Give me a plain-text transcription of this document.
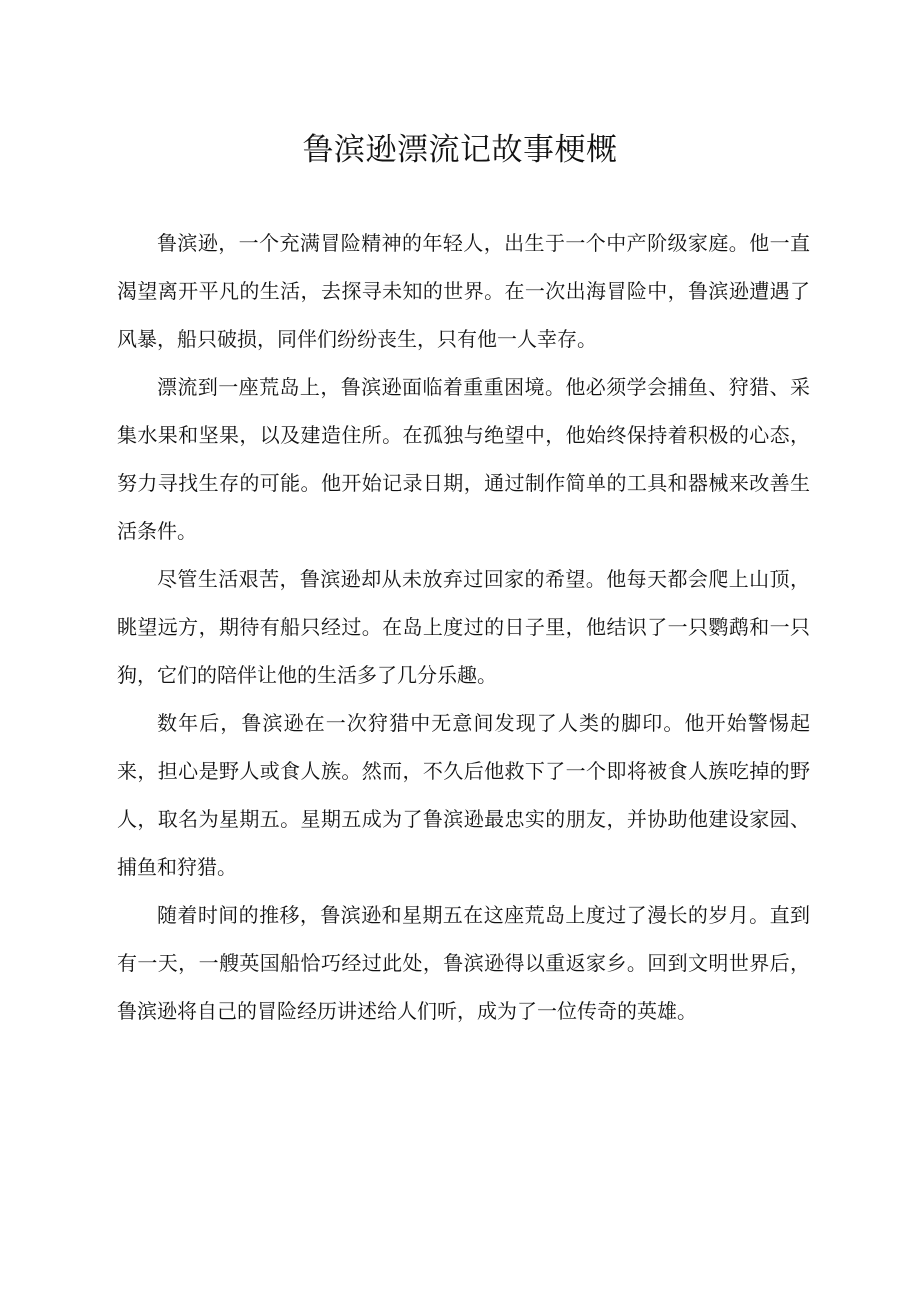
鲁滨逊漂流记故事梗概

鲁滨逊，一个充满冒险精神的年轻人，出生于一个中产阶级家庭。他一直渴望离开平凡的生活，去探寻未知的世界。在一次出海冒险中，鲁滨逊遭遇了风暴，船只破损，同伴们纷纷丧生，只有他一人幸存。

漂流到一座荒岛上，鲁滨逊面临着重重困境。他必须学会捕鱼、狩猎、采集水果和坚果，以及建造住所。在孤独与绝望中，他始终保持着积极的心态，努力寻找生存的可能。他开始记录日期，通过制作简单的工具和器械来改善生活条件。

尽管生活艰苦，鲁滨逊却从未放弃过回家的希望。他每天都会爬上山顶，眺望远方，期待有船只经过。在岛上度过的日子里，他结识了一只鹦鹉和一只狗，它们的陪伴让他的生活多了几分乐趣。

数年后，鲁滨逊在一次狩猎中无意间发现了人类的脚印。他开始警惕起来，担心是野人或食人族。然而，不久后他救下了一个即将被食人族吃掉的野人，取名为星期五。星期五成为了鲁滨逊最忠实的朋友，并协助他建设家园、捕鱼和狩猎。

随着时间的推移，鲁滨逊和星期五在这座荒岛上度过了漫长的岁月。直到有一天，一艘英国船恰巧经过此处，鲁滨逊得以重返家乡。回到文明世界后，鲁滨逊将自己的冒险经历讲述给人们听，成为了一位传奇的英雄。
